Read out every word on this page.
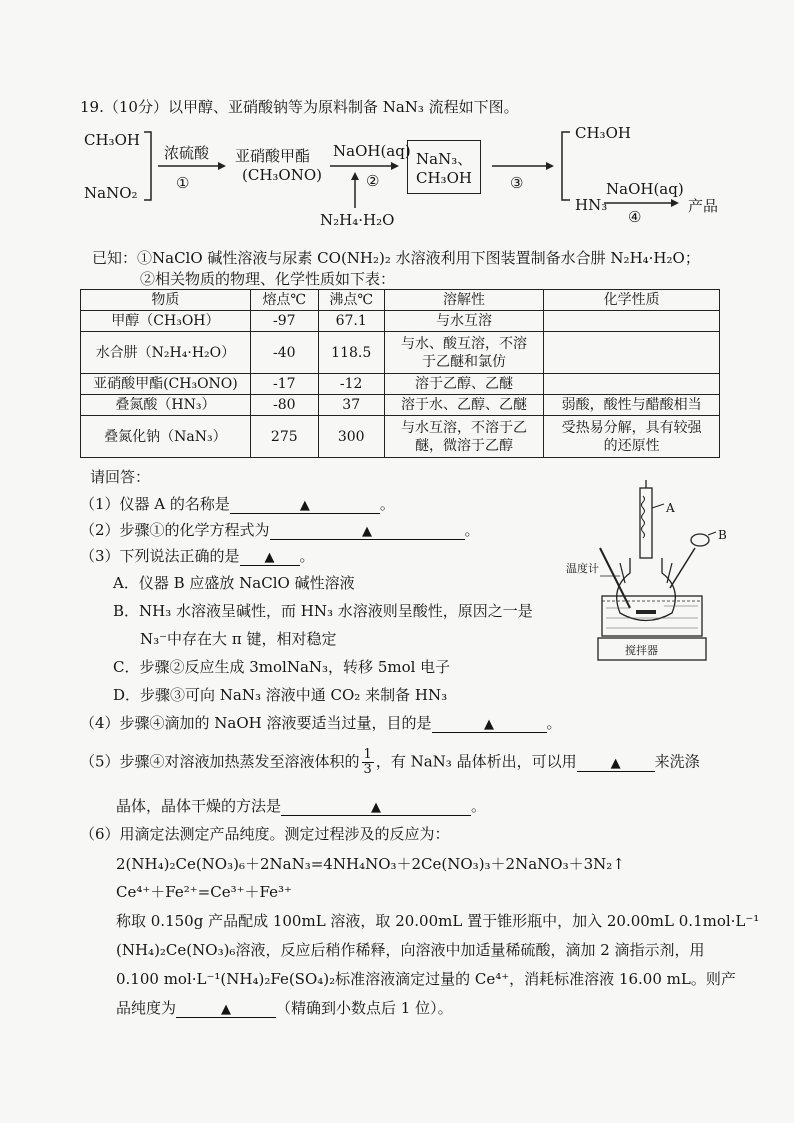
19.（10分）以甲醇、亚硝酸钠等为原料制备 NaN₃ 流程如下图。
CH₃OH
NaNO₂
浓硫酸
①
亚硝酸甲酯
(CH₃ONO)
NaOH(aq)
②
N₂H₄·H₂O
NaN₃、
CH₃OH	③
CH₃OH
HN₃
NaOH(aq)
④
产品
已知：①NaClO 碱性溶液与尿素 CO(NH₂)₂ 水溶液利用下图装置制备水合肼 N₂H₄·H₂O；
②相关物质的物理、化学性质如下表：
物质	熔点℃	沸点℃	溶解性	化学性质
甲醇（CH₃OH）	-97	67.1	与水互溶	
水合肼（N₂H₄·H₂O）	-40	118.5	与水、酸互溶，不溶
于乙醚和氯仿	
亚硝酸甲酯(CH₃ONO)	-17	-12	溶于乙醇、乙醚	
叠氮酸（HN₃）	-80	37	溶于水、乙醇、乙醚	弱酸，酸性与醋酸相当
叠氮化钠（NaN₃）	275	300	与水互溶，不溶于乙
醚，微溶于乙醇	受热易分解，具有较强
的还原性
请回答：
（1）仪器 A 的名称是	▲	。
（2）步骤①的化学方程式为	▲	。
（3）下列说法正确的是 ▲ 。
A．仪器 B 应盛放 NaClO 碱性溶液
B．NH₃ 水溶液呈碱性，而 HN₃ 水溶液则呈酸性，原因之一是
N₃⁻中存在大 π 键，相对稳定
C．步骤②反应生成 3molNaN₃，转移 5mol 电子
D．步骤③可向 NaN₃ 溶液中通 CO₂ 来制备 HN₃
A
B
温度计
搅拌器
（4）步骤④滴加的 NaOH 溶液要适当过量，目的是	▲	。
（5）步骤④对溶液加热蒸发至溶液体积的 $\frac{1}{3}$ ，有 NaN₃ 晶体析出，可以用	▲ 来洗涤
晶体，晶体干燥的方法是	▲	。
（6）用滴定法测定产品纯度。测定过程涉及的反应为：
2(NH₄)₂Ce(NO₃)₆＋2NaN₃=4NH₄NO₃＋2Ce(NO₃)₃＋2NaNO₃＋3N₂↑
Ce⁴⁺＋Fe²⁺=Ce³⁺＋Fe³⁺
称取 0.150g 产品配成 100mL 溶液，取 20.00mL 置于锥形瓶中，加入 20.00mL 0.1mol·L⁻¹
(NH₄)₂Ce(NO₃)₆溶液，反应后稍作稀释，向溶液中加适量稀硫酸，滴加 2 滴指示剂，用
0.100 mol·L⁻¹(NH₄)₂Fe(SO₄)₂标准溶液滴定过量的 Ce⁴⁺，消耗标准溶液 16.00 mL。则产
品纯度为	▲	（精确到小数点后 1 位）。
